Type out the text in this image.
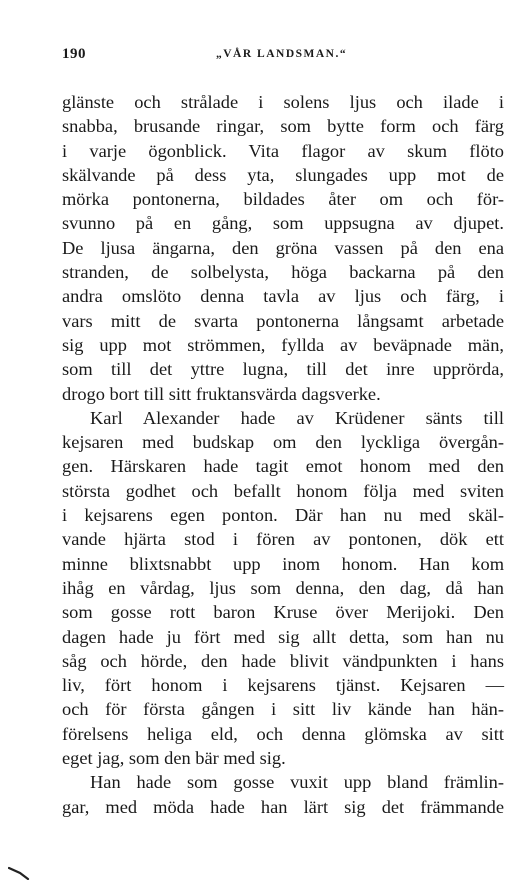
190	„VÅR LANDSMAN.“
glänste och strålade i solens ljus och ilade i
snabba, brusande ringar, som bytte form och färg
i varje ögonblick. Vita flagor av skum flöto
skälvande på dess yta, slungades upp mot de
mörka pontonerna, bildades åter om och för-
svunno på en gång, som uppsugna av djupet.
De ljusa ängarna, den gröna vassen på den ena
stranden, de solbelysta, höga backarna på den
andra omslöto denna tavla av ljus och färg, i
vars mitt de svarta pontonerna långsamt arbetade
sig upp mot strömmen, fyllda av beväpnade män,
som till det yttre lugna, till det inre upprörda,
drogo bort till sitt fruktansvärda dagsverke.
Karl Alexander hade av Krüdener sänts till
kejsaren med budskap om den lyckliga övergån-
gen. Härskaren hade tagit emot honom med den
största godhet och befallt honom följa med sviten
i kejsarens egen ponton. Där han nu med skäl-
vande hjärta stod i fören av pontonen, dök ett
minne blixtsnabbt upp inom honom. Han kom
ihåg en vårdag, ljus som denna, den dag, då han
som gosse rott baron Kruse över Merijoki. Den
dagen hade ju fört med sig allt detta, som han nu
såg och hörde, den hade blivit vändpunkten i hans
liv, fört honom i kejsarens tjänst. Kejsaren —
och för första gången i sitt liv kände han hän-
förelsens heliga eld, och denna glömska av sitt
eget jag, som den bär med sig.
Han hade som gosse vuxit upp bland främlin-
gar, med möda hade han lärt sig det främmande
